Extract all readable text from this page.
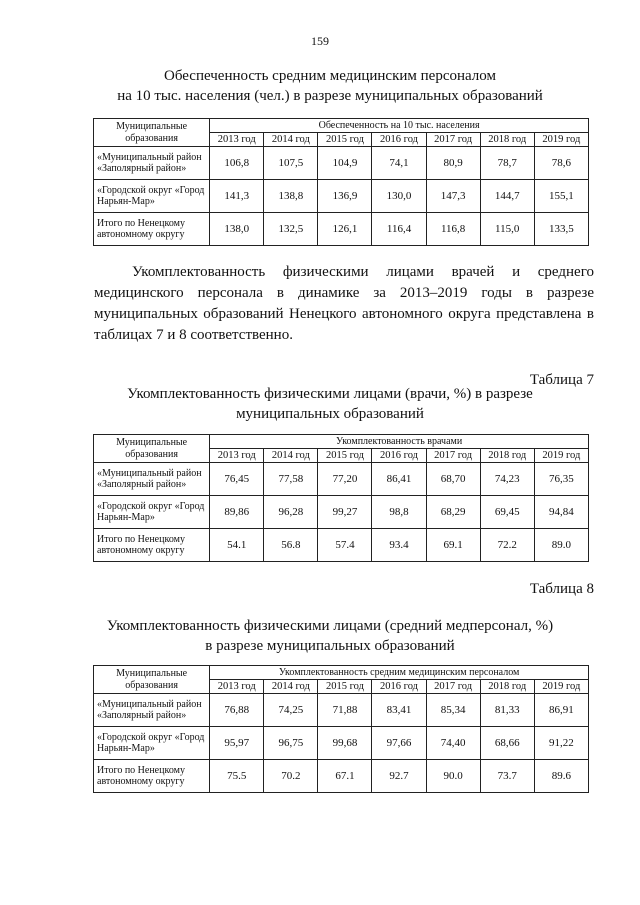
159
Обеспеченность средним медицинским персоналом
на 10 тыс. населения (чел.) в разрезе муниципальных образований
Муниципальные образования	Обеспеченность на 10 тыс. населения						
	2013 год	2014 год	2015 год	2016 год	2017 год	2018 год	2019 год
«Муниципальный район «Заполярный район»	106,8	107,5	104,9	74,1	80,9	78,7	78,6
«Городской округ «Город Нарьян-Мар»	141,3	138,8	136,9	130,0	147,3	144,7	155,1
Итого по Ненецкому автономному округу	138,0	132,5	126,1	116,4	116,8	115,0	133,5
Укомплектованность физическими лицами врачей и среднего медицинского персонала в динамике за 2013–2019 годы в разрезе муниципальных образований Ненецкого автономного округа представлена в таблицах 7 и 8 соответственно.
Таблица 7
Укомплектованность физическими лицами (врачи, %) в разрезе
муниципальных образований
Муниципальные образования	Укомплектованность врачами						
	2013 год	2014 год	2015 год	2016 год	2017 год	2018 год	2019 год
«Муниципальный район «Заполярный район»	76,45	77,58	77,20	86,41	68,70	74,23	76,35
«Городской округ «Город Нарьян-Мар»	89,86	96,28	99,27	98,8	68,29	69,45	94,84
Итого по Ненецкому автономному округу	54.1	56.8	57.4	93.4	69.1	72.2	89.0
Таблица 8
Укомплектованность физическими лицами (средний медперсонал, %)
в разрезе муниципальных образований
Муниципальные образования	Укомплектованность средним медицинским персоналом						
	2013 год	2014 год	2015 год	2016 год	2017 год	2018 год	2019 год
«Муниципальный район «Заполярный район»	76,88	74,25	71,88	83,41	85,34	81,33	86,91
«Городской округ «Город Нарьян-Мар»	95,97	96,75	99,68	97,66	74,40	68,66	91,22
Итого по Ненецкому автономному округу	75.5	70.2	67.1	92.7	90.0	73.7	89.6
